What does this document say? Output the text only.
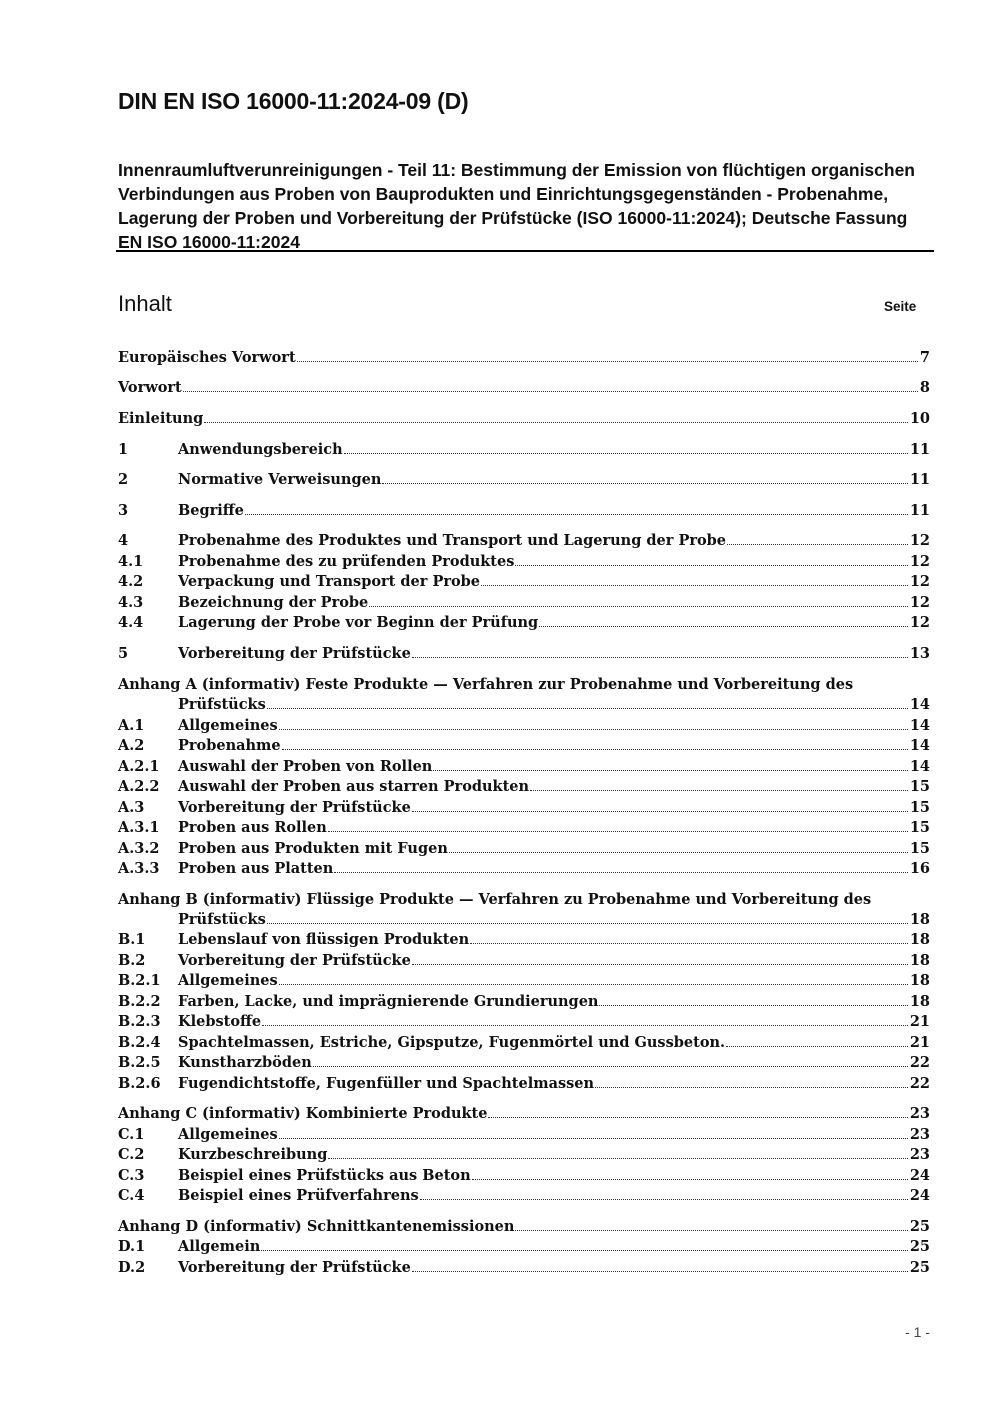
DIN EN ISO 16000-11:2024-09 (D)
Innenraumluftverunreinigungen - Teil 11: Bestimmung der Emission von flüchtigen organischen Verbindungen aus Proben von Bauprodukten und Einrichtungsgegenständen - Probenahme, Lagerung der Proben und Vorbereitung der Prüfstücke (ISO 16000-11:2024); Deutsche Fassung EN ISO 16000-11:2024
Inhalt	Seite
Europäisches Vorwort	7
Vorwort	8
Einleitung	10
1	Anwendungsbereich	11
2	Normative Verweisungen	11
3	Begriffe	11
4	Probenahme des Produktes und Transport und Lagerung der Probe	12
4.1	Probenahme des zu prüfenden Produktes	12
4.2	Verpackung und Transport der Probe	12
4.3	Bezeichnung der Probe	12
4.4	Lagerung der Probe vor Beginn der Prüfung	12
5	Vorbereitung der Prüfstücke	13
Anhang A (informativ) Feste Produkte — Verfahren zur Probenahme und Vorbereitung des
Prüfstücks	14
A.1	Allgemeines	14
A.2	Probenahme	14
A.2.1	Auswahl der Proben von Rollen	14
A.2.2	Auswahl der Proben aus starren Produkten	15
A.3	Vorbereitung der Prüfstücke	15
A.3.1	Proben aus Rollen	15
A.3.2	Proben aus Produkten mit Fugen	15
A.3.3	Proben aus Platten	16
Anhang B (informativ) Flüssige Produkte — Verfahren zu Probenahme und Vorbereitung des
Prüfstücks	18
B.1	Lebenslauf von flüssigen Produkten	18
B.2	Vorbereitung der Prüfstücke	18
B.2.1	Allgemeines	18
B.2.2	Farben, Lacke, und imprägnierende Grundierungen	18
B.2.3	Klebstoffe	21
B.2.4	Spachtelmassen, Estriche, Gipsputze, Fugenmörtel und Gussbeton.	21
B.2.5	Kunstharzböden	22
B.2.6	Fugendichtstoffe, Fugenfüller und Spachtelmassen	22
Anhang C (informativ) Kombinierte Produkte	23
C.1	Allgemeines	23
C.2	Kurzbeschreibung	23
C.3	Beispiel eines Prüfstücks aus Beton	24
C.4	Beispiel eines Prüfverfahrens	24
Anhang D (informativ) Schnittkantenemissionen	25
D.1	Allgemein	25
D.2	Vorbereitung der Prüfstücke	25
- 1 -
